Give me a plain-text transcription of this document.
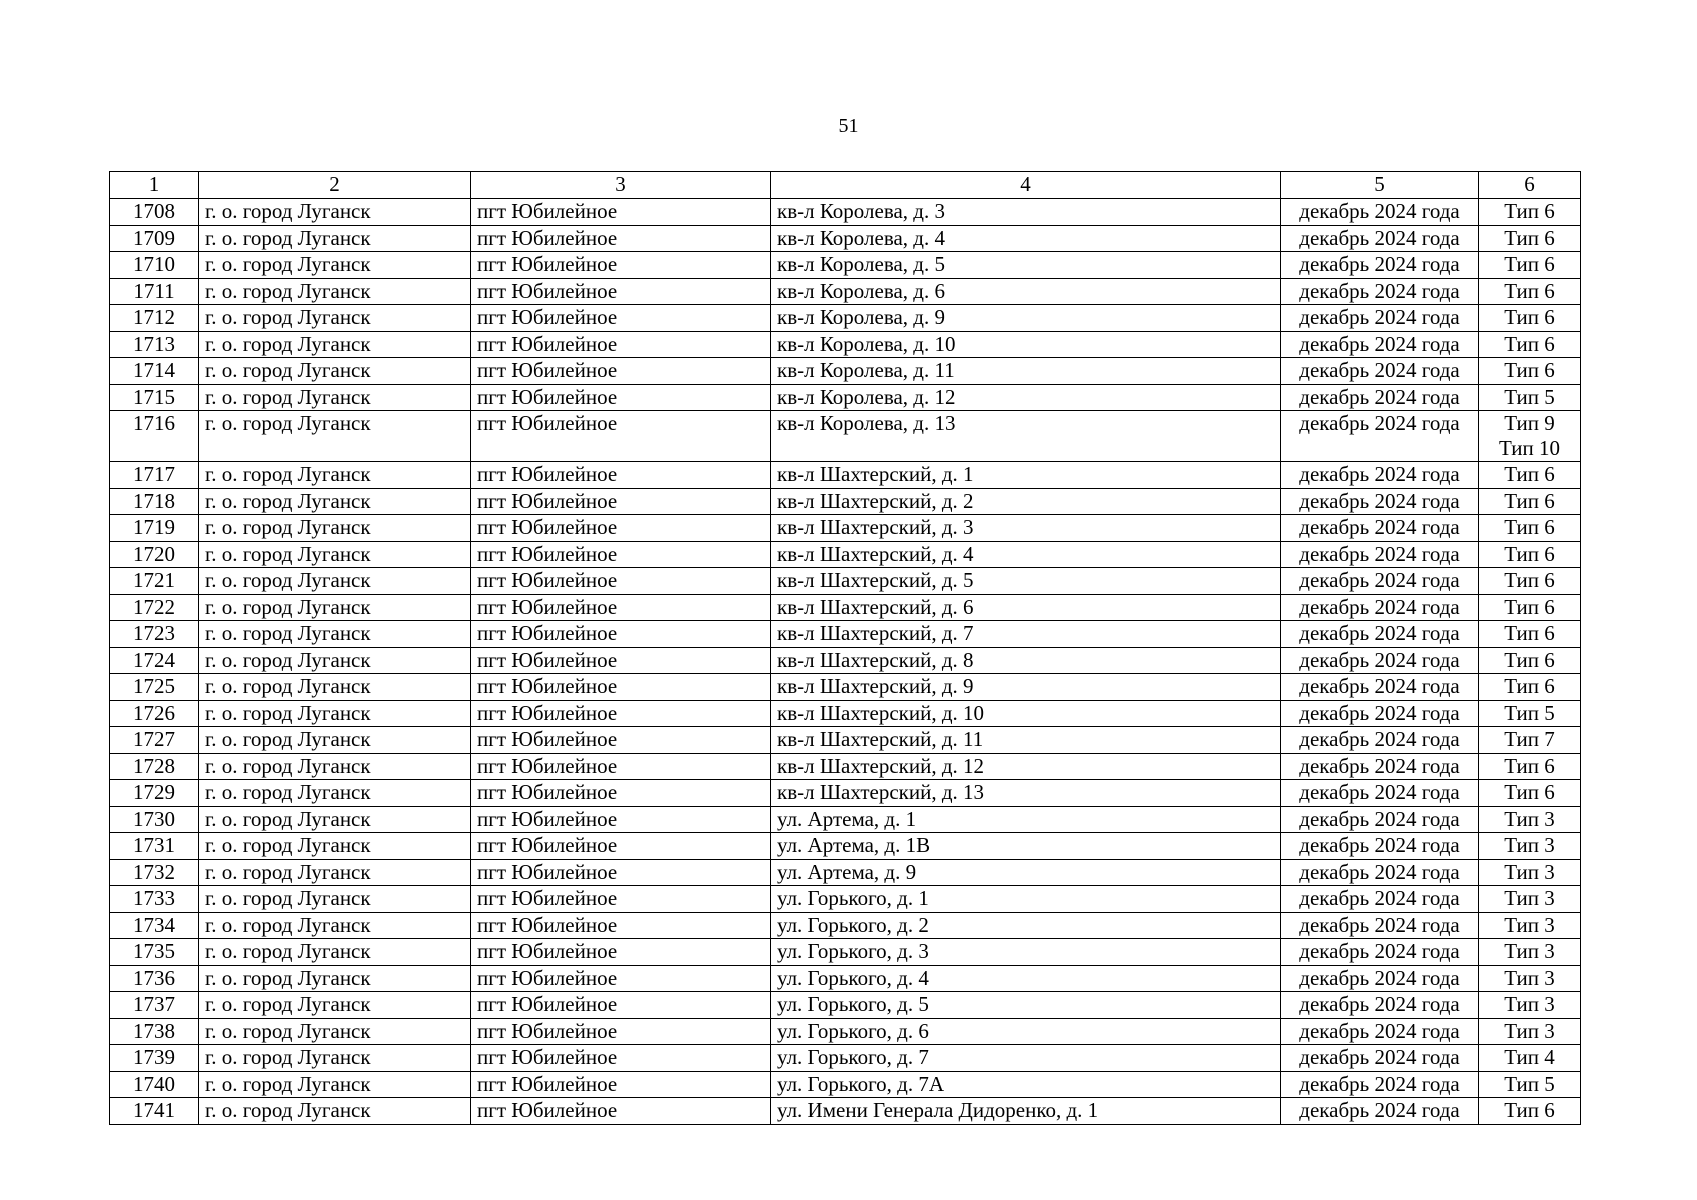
51
1	2	3	4	5	6
1708	г. о. город Луганск	пгт Юбилейное	кв-л Королева, д. 3	декабрь 2024 года	Тип 6

1709	г. о. город Луганск	пгт Юбилейное	кв-л Королева, д. 4	декабрь 2024 года	Тип 6

1710	г. о. город Луганск	пгт Юбилейное	кв-л Королева, д. 5	декабрь 2024 года	Тип 6

1711	г. о. город Луганск	пгт Юбилейное	кв-л Королева, д. 6	декабрь 2024 года	Тип 6

1712	г. о. город Луганск	пгт Юбилейное	кв-л Королева, д. 9	декабрь 2024 года	Тип 6

1713	г. о. город Луганск	пгт Юбилейное	кв-л Королева, д. 10	декабрь 2024 года	Тип 6

1714	г. о. город Луганск	пгт Юбилейное	кв-л Королева, д. 11	декабрь 2024 года	Тип 6

1715	г. о. город Луганск	пгт Юбилейное	кв-л Королева, д. 12	декабрь 2024 года	Тип 5

1716	г. о. город Луганск	пгт Юбилейное	кв-л Королева, д. 13	декабрь 2024 года	Тип 9
Тип 10

1717	г. о. город Луганск	пгт Юбилейное	кв-л Шахтерский, д. 1	декабрь 2024 года	Тип 6

1718	г. о. город Луганск	пгт Юбилейное	кв-л Шахтерский, д. 2	декабрь 2024 года	Тип 6

1719	г. о. город Луганск	пгт Юбилейное	кв-л Шахтерский, д. 3	декабрь 2024 года	Тип 6

1720	г. о. город Луганск	пгт Юбилейное	кв-л Шахтерский, д. 4	декабрь 2024 года	Тип 6

1721	г. о. город Луганск	пгт Юбилейное	кв-л Шахтерский, д. 5	декабрь 2024 года	Тип 6

1722	г. о. город Луганск	пгт Юбилейное	кв-л Шахтерский, д. 6	декабрь 2024 года	Тип 6

1723	г. о. город Луганск	пгт Юбилейное	кв-л Шахтерский, д. 7	декабрь 2024 года	Тип 6

1724	г. о. город Луганск	пгт Юбилейное	кв-л Шахтерский, д. 8	декабрь 2024 года	Тип 6

1725	г. о. город Луганск	пгт Юбилейное	кв-л Шахтерский, д. 9	декабрь 2024 года	Тип 6

1726	г. о. город Луганск	пгт Юбилейное	кв-л Шахтерский, д. 10	декабрь 2024 года	Тип 5

1727	г. о. город Луганск	пгт Юбилейное	кв-л Шахтерский, д. 11	декабрь 2024 года	Тип 7

1728	г. о. город Луганск	пгт Юбилейное	кв-л Шахтерский, д. 12	декабрь 2024 года	Тип 6

1729	г. о. город Луганск	пгт Юбилейное	кв-л Шахтерский, д. 13	декабрь 2024 года	Тип 6

1730	г. о. город Луганск	пгт Юбилейное	ул. Артема, д. 1	декабрь 2024 года	Тип 3

1731	г. о. город Луганск	пгт Юбилейное	ул. Артема, д. 1В	декабрь 2024 года	Тип 3

1732	г. о. город Луганск	пгт Юбилейное	ул. Артема, д. 9	декабрь 2024 года	Тип 3

1733	г. о. город Луганск	пгт Юбилейное	ул. Горького, д. 1	декабрь 2024 года	Тип 3

1734	г. о. город Луганск	пгт Юбилейное	ул. Горького, д. 2	декабрь 2024 года	Тип 3

1735	г. о. город Луганск	пгт Юбилейное	ул. Горького, д. 3	декабрь 2024 года	Тип 3

1736	г. о. город Луганск	пгт Юбилейное	ул. Горького, д. 4	декабрь 2024 года	Тип 3

1737	г. о. город Луганск	пгт Юбилейное	ул. Горького, д. 5	декабрь 2024 года	Тип 3

1738	г. о. город Луганск	пгт Юбилейное	ул. Горького, д. 6	декабрь 2024 года	Тип 3

1739	г. о. город Луганск	пгт Юбилейное	ул. Горького, д. 7	декабрь 2024 года	Тип 4

1740	г. о. город Луганск	пгт Юбилейное	ул. Горького, д. 7А	декабрь 2024 года	Тип 5

1741	г. о. город Луганск	пгт Юбилейное	ул. Имени Генерала Дидоренко, д. 1	декабрь 2024 года	Тип 6
